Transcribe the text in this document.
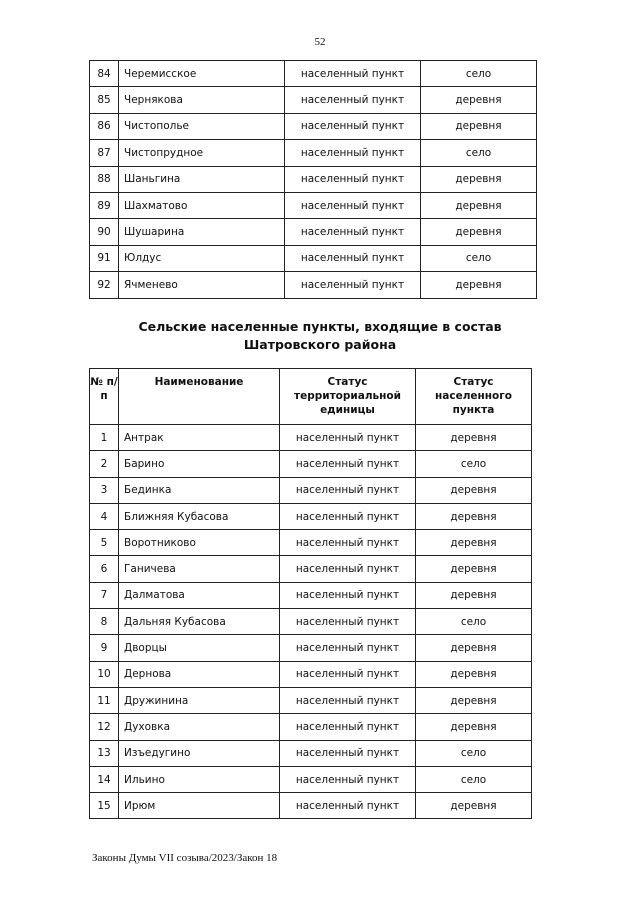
52
84	Черемисское	населенный пункт	село
85	Чернякова	населенный пункт	деревня
86	Чистополье	населенный пункт	деревня
87	Чистопрудное	населенный пункт	село
88	Шаньгина	населенный пункт	деревня
89	Шахматово	населенный пункт	деревня
90	Шушарина	населенный пункт	деревня
91	Юлдус	населенный пункт	село
92	Ячменево	населенный пункт	деревня
Сельские населенные пункты, входящие в состав
Шатровского района
№ п/п	Наименование	Статус территориальной единицы	Статус населенного пункта
1	Антрак	населенный пункт	деревня
2	Барино	населенный пункт	село
3	Бединка	населенный пункт	деревня
4	Ближняя Кубасова	населенный пункт	деревня
5	Воротниково	населенный пункт	деревня
6	Ганичева	населенный пункт	деревня
7	Далматова	населенный пункт	деревня
8	Дальняя Кубасова	населенный пункт	село
9	Дворцы	населенный пункт	деревня
10	Дернова	населенный пункт	деревня
11	Дружинина	населенный пункт	деревня
12	Духовка	населенный пункт	деревня
13	Изъедугино	населенный пункт	село
14	Ильино	населенный пункт	село
15	Ирюм	населенный пункт	деревня
Законы Думы VII созыва/2023/Закон 18
